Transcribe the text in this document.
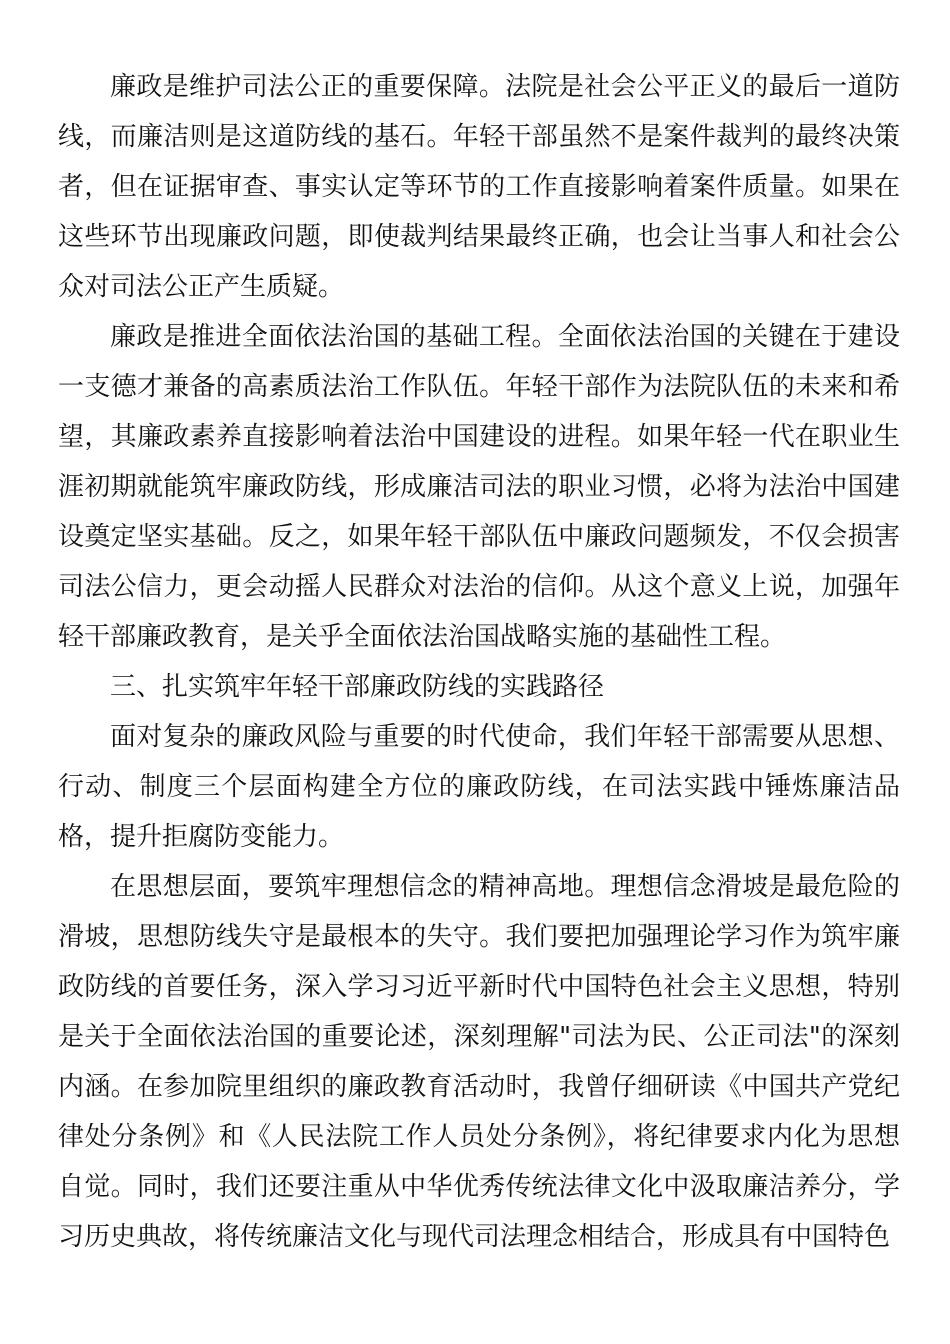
廉政是维护司法公正的重要保障。法院是社会公平正义的最后一道防线，而廉洁则是这道防线的基石。年轻干部虽然不是案件裁判的最终决策者，但在证据审查、事实认定等环节的工作直接影响着案件质量。如果在这些环节出现廉政问题，即使裁判结果最终正确，也会让当事人和社会公众对司法公正产生质疑。

廉政是推进全面依法治国的基础工程。全面依法治国的关键在于建设一支德才兼备的高素质法治工作队伍。年轻干部作为法院队伍的未来和希望，其廉政素养直接影响着法治中国建设的进程。如果年轻一代在职业生涯初期就能筑牢廉政防线，形成廉洁司法的职业习惯，必将为法治中国建设奠定坚实基础。反之，如果年轻干部队伍中廉政问题频发，不仅会损害司法公信力，更会动摇人民群众对法治的信仰。从这个意义上说，加强年轻干部廉政教育，是关乎全面依法治国战略实施的基础性工程。

三、扎实筑牢年轻干部廉政防线的实践路径

面对复杂的廉政风险与重要的时代使命，我们年轻干部需要从思想、行动、制度三个层面构建全方位的廉政防线，在司法实践中锤炼廉洁品格，提升拒腐防变能力。

在思想层面，要筑牢理想信念的精神高地。理想信念滑坡是最危险的滑坡，思想防线失守是最根本的失守。我们要把加强理论学习作为筑牢廉政防线的首要任务，深入学习习近平新时代中国特色社会主义思想，特别是关于全面依法治国的重要论述，深刻理解"司法为民、公正司法"的深刻内涵。在参加院里组织的廉政教育活动时，我曾仔细研读《中国共产党纪律处分条例》和《人民法院工作人员处分条例》，将纪律要求内化为思想自觉。同时，我们还要注重从中华优秀传统法律文化中汲取廉洁养分，学习历史典故，将传统廉洁文化与现代司法理念相结合，形成具有中国特色
